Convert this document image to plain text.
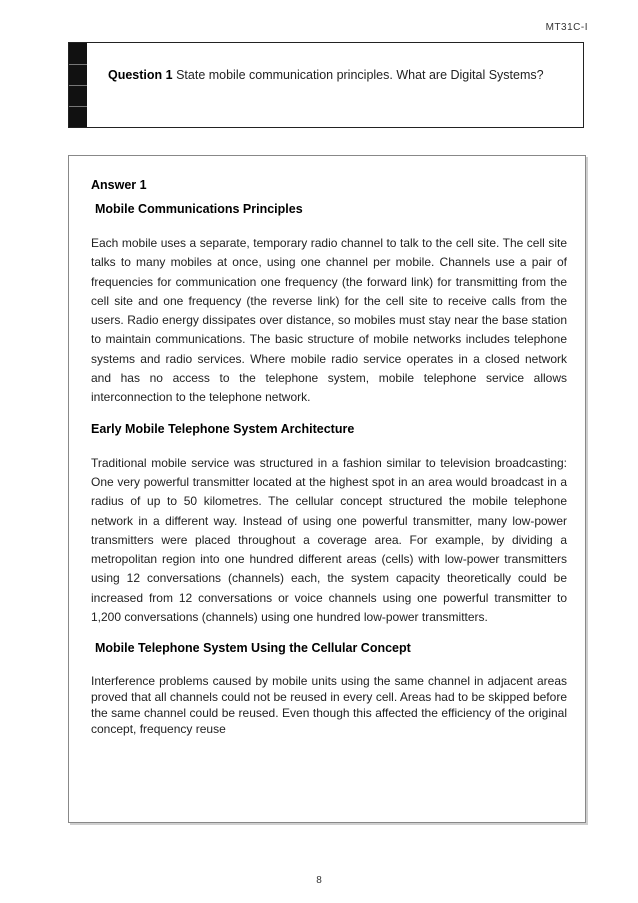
MT31C-I
Question 1 State mobile communication principles. What are Digital Systems?
Answer 1
Mobile Communications Principles

Each mobile uses a separate, temporary radio channel to talk to the cell site. The cell site talks to many mobiles at once, using one channel per mobile. Channels use a pair of frequencies for communication one frequency (the forward link) for transmitting from the cell site and one frequency (the reverse link) for the cell site to receive calls from the users. Radio energy dissipates over distance, so mobiles must stay near the base station to maintain communications. The basic structure of mobile networks includes telephone systems and radio services. Where mobile radio service operates in a closed network and has no access to the telephone system, mobile telephone service allows interconnection to the telephone network.

Early Mobile Telephone System Architecture

Traditional mobile service was structured in a fashion similar to television broadcasting: One very powerful transmitter located at the highest spot in an area would broadcast in a radius of up to 50 kilometres. The cellular concept structured the mobile telephone network in a different way. Instead of using one powerful transmitter, many low-power transmitters were placed throughout a coverage area. For example, by dividing a metropolitan region into one hundred different areas (cells) with low-power transmitters using 12 conversations (channels) each, the system capacity theoretically could be increased from 12 conversations or voice channels using one powerful transmitter to 1,200 conversations (channels) using one hundred low-power transmitters.

Mobile Telephone System Using the Cellular Concept

Interference problems caused by mobile units using the same channel in adjacent areas proved that all channels could not be reused in every cell. Areas had to be skipped before the same channel could be reused. Even though this affected the efficiency of the original concept, frequency reuse

8
